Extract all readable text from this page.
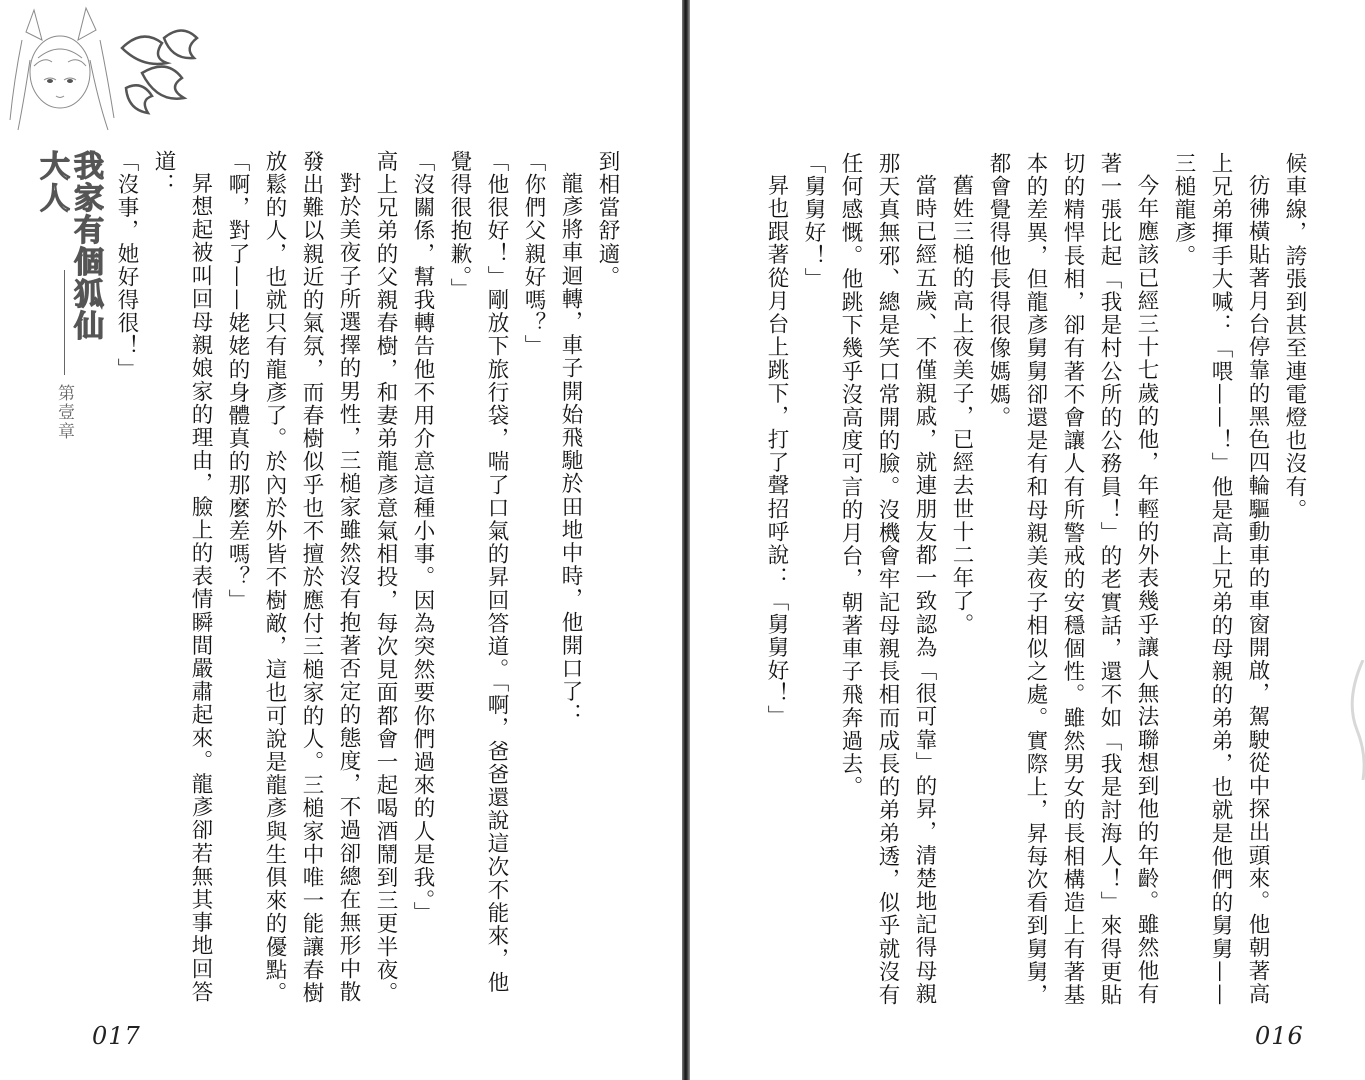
我家有個狐仙大人
第壹章

到相當舒適。

龍彥將車迴轉，車子開始飛馳於田地中時，他開口了：

「你們父親好嗎？」

「他很好！」剛放下旅行袋，喘了口氣的昇回答道。「啊，爸爸還說這次不能來，他覺得很抱歉。」

「沒關係，幫我轉告他不用介意這種小事。因為突然要你們過來的人是我。」

高上兄弟的父親春樹，和妻弟龍彥意氣相投，每次見面都會一起喝酒鬧到三更半夜。

對於美夜子所選擇的男性，三槌家雖然沒有抱著否定的態度，不過卻總在無形中散發出難以親近的氣氛，而春樹似乎也不擅於應付三槌家的人。三槌家中唯一能讓春樹放鬆的人，也就只有龍彥了。於內於外皆不樹敵，這也可說是龍彥與生俱來的優點。

「啊，對了——姥姥的身體真的那麼差嗎？」

昇想起被叫回母親娘家的理由，臉上的表情瞬間嚴肅起來。龍彥卻若無其事地回答道：

「沒事，她好得很！」

017

候車線，誇張到甚至連電燈也沒有。

彷彿橫貼著月台停靠的黑色四輪驅動車的車窗開啟，駕駛從中探出頭來。他朝著高上兄弟揮手大喊：「喂——！」他是高上兄弟的母親的弟弟，也就是他們的舅舅——三槌龍彥。

今年應該已經三十七歲的他，年輕的外表幾乎讓人無法聯想到他的年齡。雖然他有著一張比起「我是村公所的公務員！」的老實話，還不如「我是討海人！」來得更貼切的精悍長相，卻有著不會讓人有所警戒的安穩個性。雖然男女的長相構造上有著基本的差異，但龍彥舅舅卻還是有和母親美夜子相似之處。實際上，昇每次看到舅舅，都會覺得他長得很像媽媽。

舊姓三槌的高上夜美子，已經去世十二年了。

當時已經五歲、不僅親戚，就連朋友都一致認為「很可靠」的昇，清楚地記得母親那天真無邪、總是笑口常開的臉。沒機會牢記母親長相而成長的弟弟透，似乎就沒有任何感慨。他跳下幾乎沒高度可言的月台，朝著車子飛奔過去。

「舅舅好！」

昇也跟著從月台上跳下，打了聲招呼說：「舅舅好！」

016
